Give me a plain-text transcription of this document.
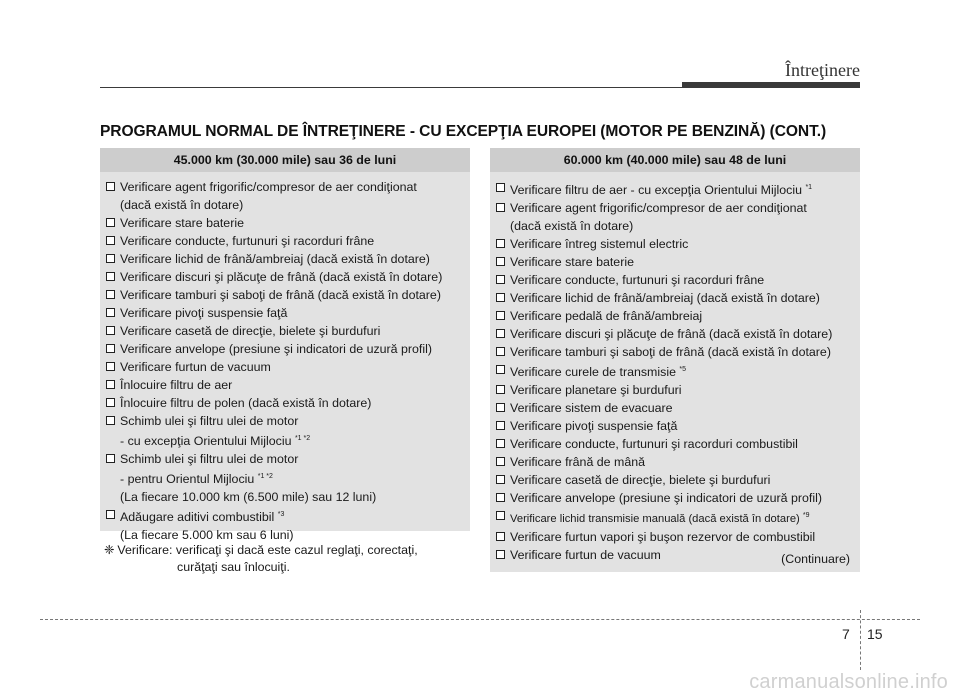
Întreţinere
PROGRAMUL NORMAL DE ÎNTREŢINERE - CU EXCEPŢIA EUROPEI (MOTOR PE BENZINĂ) (CONT.)
45.000 km (30.000 mile) sau 36 de luni
Verificare agent frigorific/compresor de aer condiţionat
(dacă există în dotare)
Verificare stare baterie
Verificare conducte, furtunuri şi racorduri frâne
Verificare lichid de frână/ambreiaj (dacă există în dotare)
Verificare discuri şi plăcuţe de frână (dacă există în dotare)
Verificare tamburi şi saboţi de frână (dacă există în dotare)
Verificare pivoţi suspensie faţă
Verificare casetă de direcţie, bielete şi burdufuri
Verificare anvelope (presiune şi indicatori de uzură profil)
Verificare furtun de vacuum
Înlocuire filtru de aer
Înlocuire filtru de polen (dacă există în dotare)
Schimb ulei şi filtru ulei de motor
- cu excepţia Orientului Mijlociu $^{*1 *2}$
Schimb ulei şi filtru ulei de motor
- pentru Orientul Mijlociu $^{*1 *2}$
(La fiecare 10.000 km (6.500 mile) sau 12 luni)
Adăugare aditivi combustibil $^{*3}$
(La fiecare 5.000 km sau 6 luni)
❈ Verificare: verificaţi şi dacă este cazul reglaţi, corectaţi,
curăţaţi sau înlocuiţi.
60.000 km (40.000 mile) sau 48 de luni
Verificare filtru de aer - cu excepţia Orientului Mijlociu $^{*1}$
Verificare agent frigorific/compresor de aer condiţionat
(dacă există în dotare)
Verificare întreg sistemul electric
Verificare stare baterie
Verificare conducte, furtunuri şi racorduri frâne
Verificare lichid de frână/ambreiaj (dacă există în dotare)
Verificare pedală de frână/ambreiaj
Verificare discuri şi plăcuţe de frână (dacă există în dotare)
Verificare tamburi şi saboţi de frână (dacă există în dotare)
Verificare curele de transmisie $^{*5}$
Verificare planetare şi burdufuri
Verificare sistem de evacuare
Verificare pivoţi suspensie faţă
Verificare conducte, furtunuri şi racorduri combustibil
Verificare frână de mână
Verificare casetă de direcţie, bielete şi burdufuri
Verificare anvelope (presiune şi indicatori de uzură profil)
Verificare lichid transmisie manuală (dacă există în dotare) $^{*9}$
Verificare furtun vapori şi buşon rezervor de combustibil
Verificare furtun de vacuum	(Continuare)
7 15
carmanualsonline.info
